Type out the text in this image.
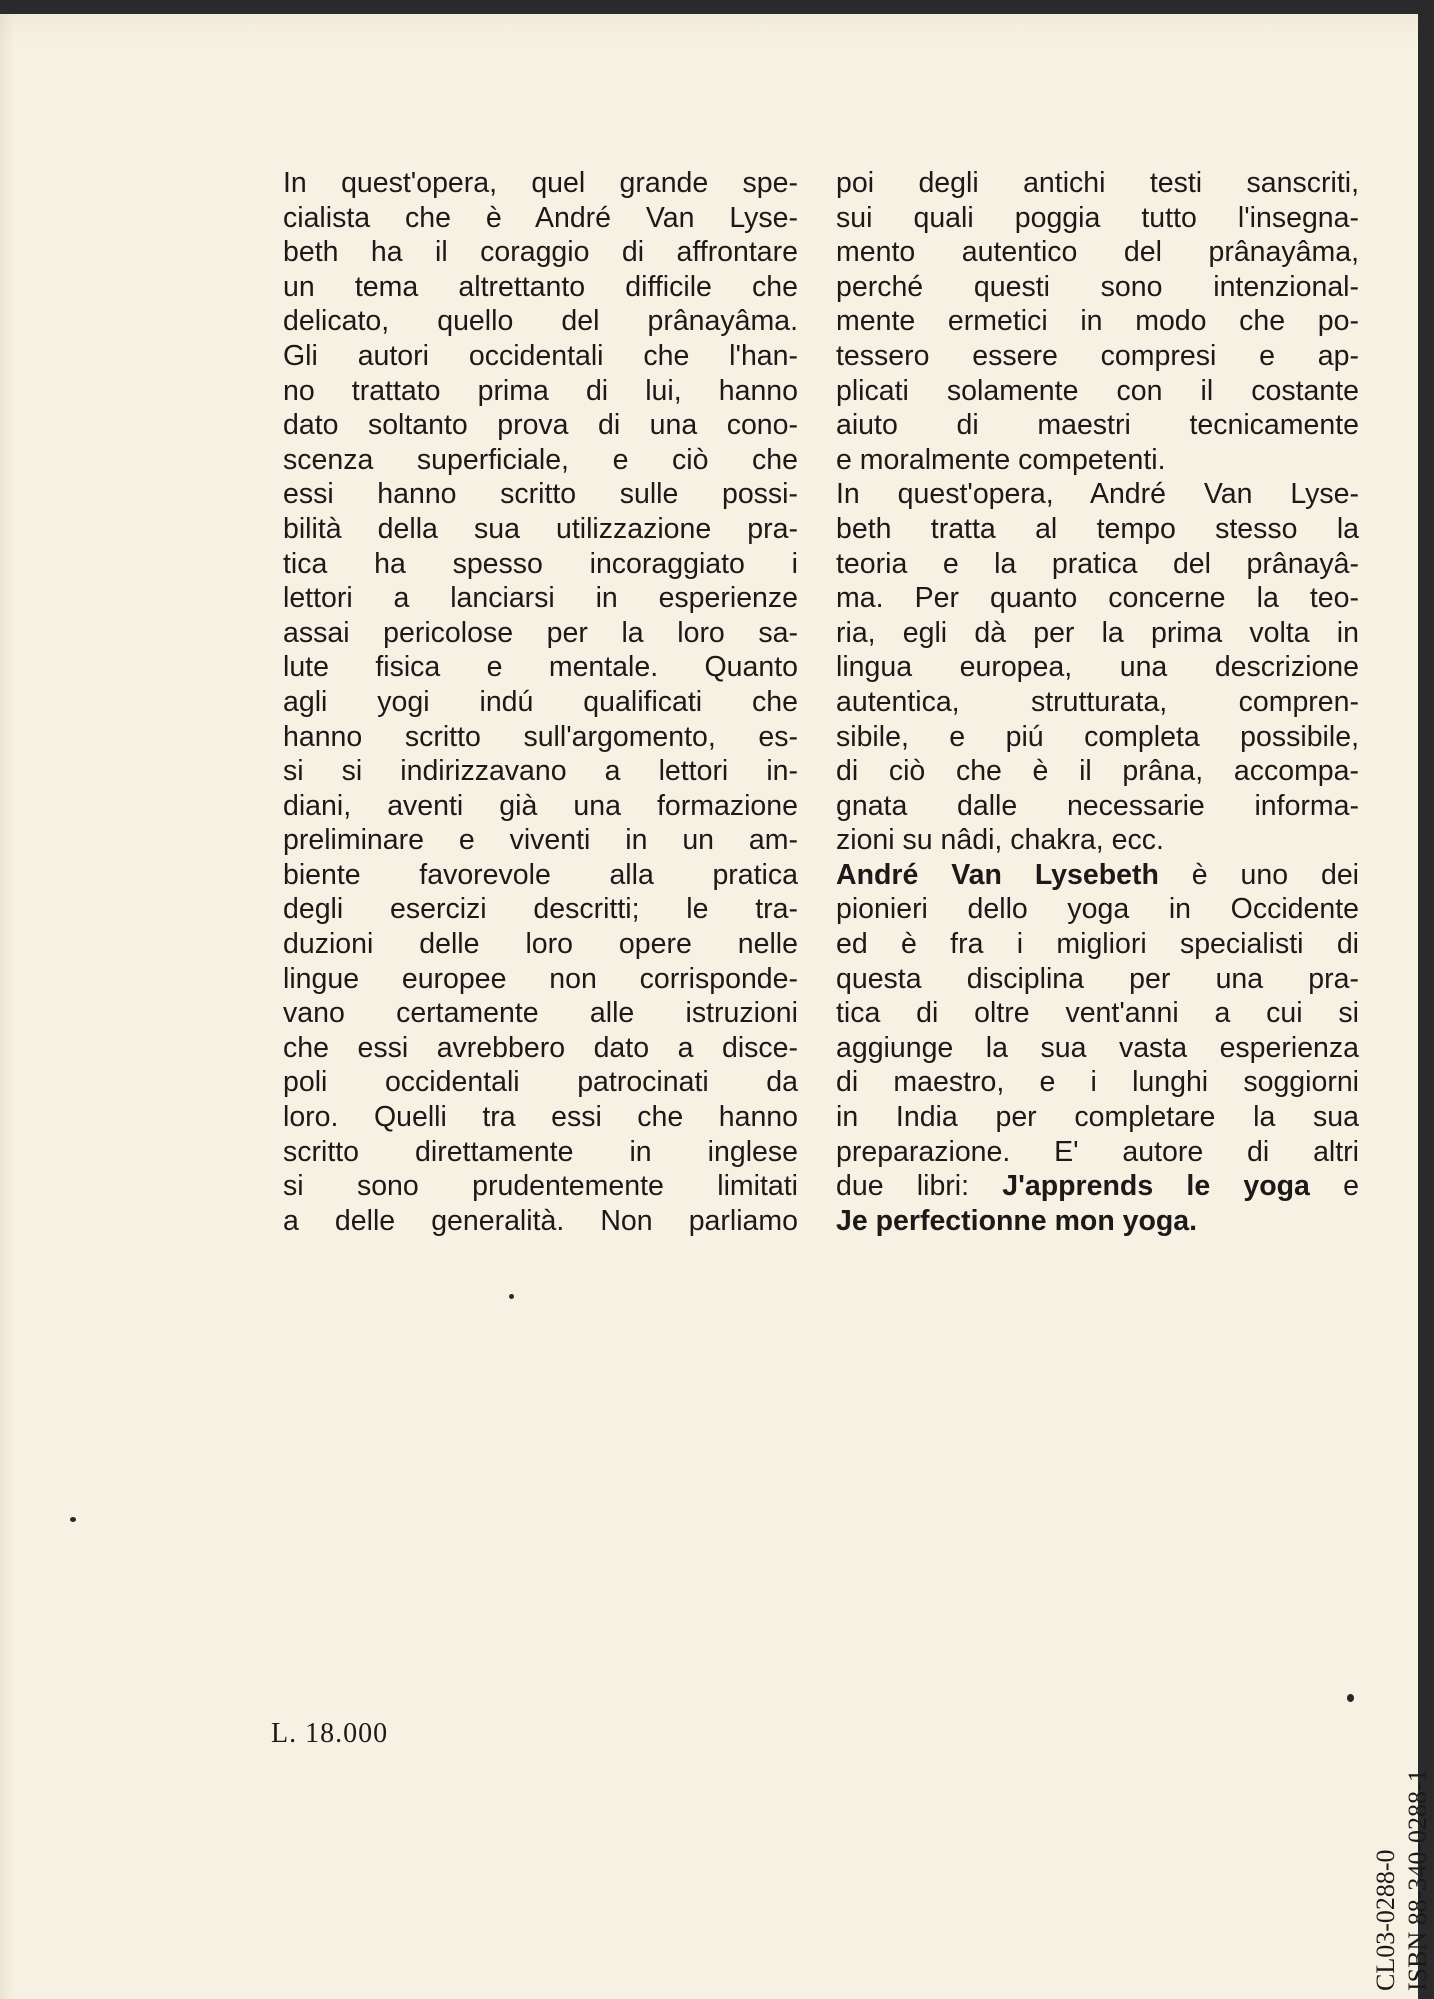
In quest'opera, quel grande spe-
cialista che è André Van Lyse-
beth ha il coraggio di affrontare
un tema altrettanto difficile che
delicato, quello del prânayâma.
Gli autori occidentali che l'han-
no trattato prima di lui, hanno
dato soltanto prova di una cono-
scenza superficiale, e ciò che
essi hanno scritto sulle possi-
bilità della sua utilizzazione pra-
tica ha spesso incoraggiato i
lettori a lanciarsi in esperienze
assai pericolose per la loro sa-
lute fisica e mentale. Quanto
agli yogi indú qualificati che
hanno scritto sull'argomento, es-
si si indirizzavano a lettori in-
diani, aventi già una formazione
preliminare e viventi in un am-
biente favorevole alla pratica
degli esercizi descritti; le tra-
duzioni delle loro opere nelle
lingue europee non corrisponde-
vano certamente alle istruzioni
che essi avrebbero dato a disce-
poli occidentali patrocinati da
loro. Quelli tra essi che hanno
scritto direttamente in inglese
si sono prudentemente limitati
a delle generalità. Non parliamo
poi degli antichi testi sanscriti,
sui quali poggia tutto l'insegna-
mento autentico del prânayâma,
perché questi sono intenzional-
mente ermetici in modo che po-
tessero essere compresi e ap-
plicati solamente con il costante
aiuto di maestri tecnicamente
e moralmente competenti.
In quest'opera, André Van Lyse-
beth tratta al tempo stesso la
teoria e la pratica del prânayâ-
ma. Per quanto concerne la teo-
ria, egli dà per la prima volta in
lingua europea, una descrizione
autentica, strutturata, compren-
sibile, e piú completa possibile,
di ciò che è il prâna, accompa-
gnata dalle necessarie informa-
zioni su nâdi, chakra, ecc.
André Van Lysebeth è uno dei
pionieri dello yoga in Occidente
ed è fra i migliori specialisti di
questa disciplina per una pra-
tica di oltre vent'anni a cui si
aggiunge la sua vasta esperienza
di maestro, e i lunghi soggiorni
in India per completare la sua
preparazione. E' autore di altri
due libri: J'apprends le yoga e
Je perfectionne mon yoga.
L. 18.000
CL03-0288-0 ISBN 88-340-0288-1
